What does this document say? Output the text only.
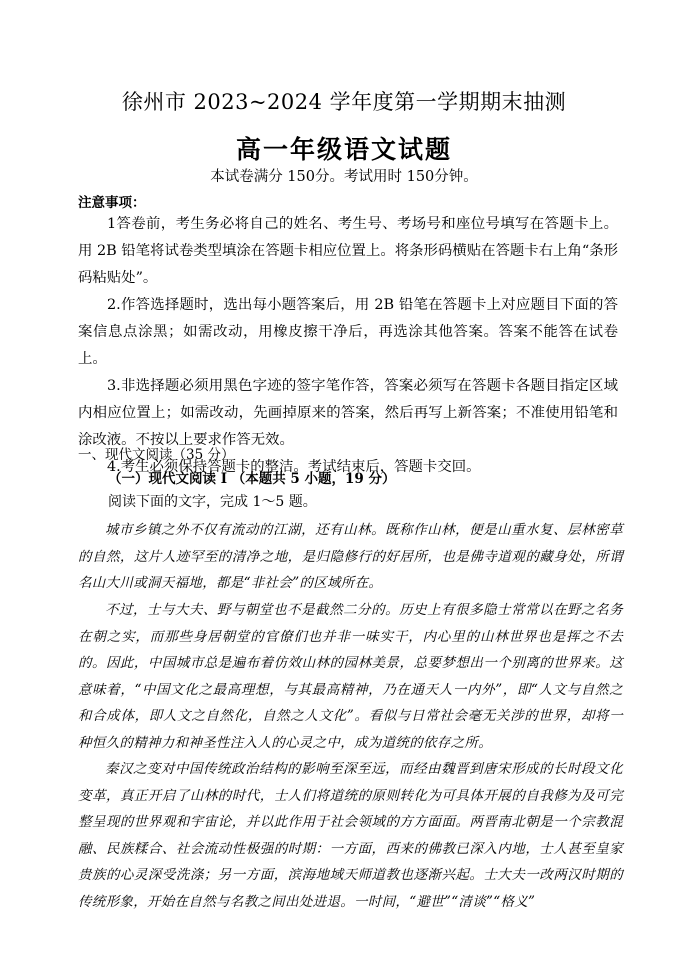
徐州市 2023~2024 学年度第一学期期末抽测
高一年级语文试题
本试卷满分 150分。考试用时 150分钟。
注意事项：

1答卷前，考生务必将自己的姓名、考生号、考场号和座位号填写在答题卡上。用 2B 铅笔将试卷类型填涂在答题卡相应位置上。将条形码横贴在答题卡右上角“条形码粘贴处”。

2.作答选择题时，选出每小题答案后，用 2B 铅笔在答题卡上对应题目下面的答案信息点涂黑；如需改动，用橡皮擦干净后，再选涂其他答案。答案不能答在试卷上。

3.非选择题必须用黑色字迹的签字笔作答，答案必须写在答题卡各题目指定区域内相应位置上；如需改动，先画掉原来的答案，然后再写上新答案；不准使用铅笔和涂改液。不按以上要求作答无效。

4.考生必须保持答题卡的整洁。考试结束后，答题卡交回。

一、现代文阅读（35 分）
（一）现代文阅读 I （本题共 5 小题，19 分）
阅读下面的文字，完成 1～5 题。

城市乡镇之外不仅有流动的江湖，还有山林。既称作山林，便是山重水复、层林密草的自然，这片人迹罕至的清净之地，是归隐修行的好居所，也是佛寺道观的藏身处，所谓名山大川或洞天福地，都是“非社会”的区域所在。

不过，士与大夫、野与朝堂也不是截然二分的。历史上有很多隐士常常以在野之名务在朝之实，而那些身居朝堂的官僚们也并非一味实干，内心里的山林世界也是挥之不去的。因此，中国城市总是遍布着仿效山林的园林美景，总要梦想出一个别离的世界来。这意味着，“中国文化之最高理想，与其最高精神，乃在通天人一内外”，即“人文与自然之和合成体，即人文之自然化，自然之人文化”。看似与日常社会毫无关涉的世界，却将一种恒久的精神力和神圣性注入人的心灵之中，成为道统的依存之所。

秦汉之变对中国传统政治结构的影响至深至远，而经由魏晋到唐宋形成的长时段文化变革，真正开启了山林的时代，士人们将道统的原则转化为可具体开展的自我修为及可完整呈现的世界观和宇宙论，并以此作用于社会领域的方方面面。两晋南北朝是一个宗教混融、民族糅合、社会流动性极强的时期：一方面，西来的佛教已深入内地，士人甚至皇家贵族的心灵深受洗涤；另一方面，滨海地域天师道教也逐渐兴起。士大夫一改两汉时期的传统形象，开始在自然与名教之间出处进退。一时间，“避世”“清谈”“格义”
